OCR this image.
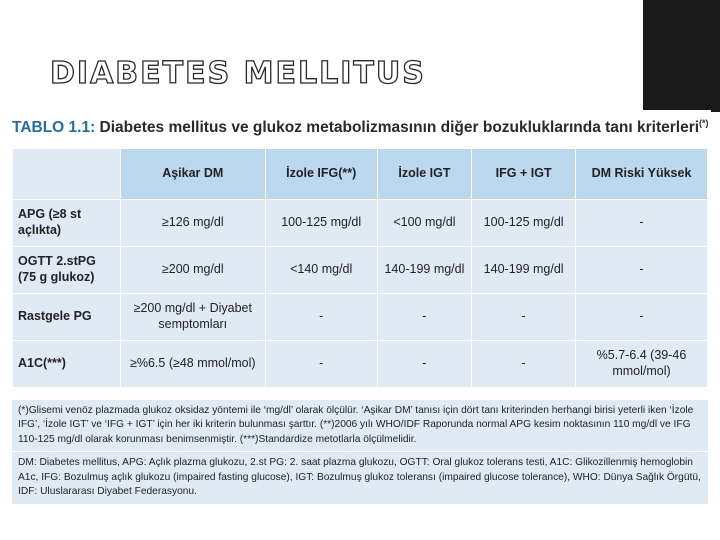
DIABETES MELLITUS
TABLO 1.1: Diabetes mellitus ve glukoz metabolizmasının diğer bozukluklarında tanı kriterleri(*)
	Aşikar DM	İzole IFG(**)	İzole IGT	IFG + IGT	DM Riski Yüksek
APG (≥8 st açlıkta)	≥126 mg/dl	100-125 mg/dl	<100 mg/dl	100-125 mg/dl	-
OGTT 2.stPG (75 g glukoz)	≥200 mg/dl	<140 mg/dl	140-199 mg/dl	140-199 mg/dl	-
Rastgele PG	≥200 mg/dl + Diyabet semptomları	-	-	-	-
A1C(***)	≥%6.5 (≥48 mmol/mol)	-	-	-	%5.7-6.4 (39-46 mmol/mol)
(*)Glisemi venöz plazmada glukoz oksidaz yöntemi ile ‘mg/dl’ olarak ölçülür. ‘Aşikar DM’ tanısı için dört tanı kriterinden herhangi birisi yeterli iken ‘İzole IFG’, ‘İzole IGT’ ve ‘IFG + IGT’ için her iki kriterin bulunması şarttır. (**)2006 yılı WHO/IDF Raporunda normal APG kesim noktasının 110 mg/dl ve IFG 110-125 mg/dl olarak korunması benimsenmiştir. (***)Standardize metotlarla ölçülmelidir.
DM: Diabetes mellitus, APG: Açlık plazma glukozu, 2.st PG: 2. saat plazma glukozu, OGTT: Oral glukoz tolerans testi, A1C: Glikozillenmiş hemoglobin A1c, IFG: Bozulmuş açlık glukozu (impaired fasting glucose), IGT: Bozulmuş glukoz toleransı (impaired glucose tolerance), WHO: Dünya Sağlık Örgütü, IDF: Uluslararası Diyabet Federasyonu.
